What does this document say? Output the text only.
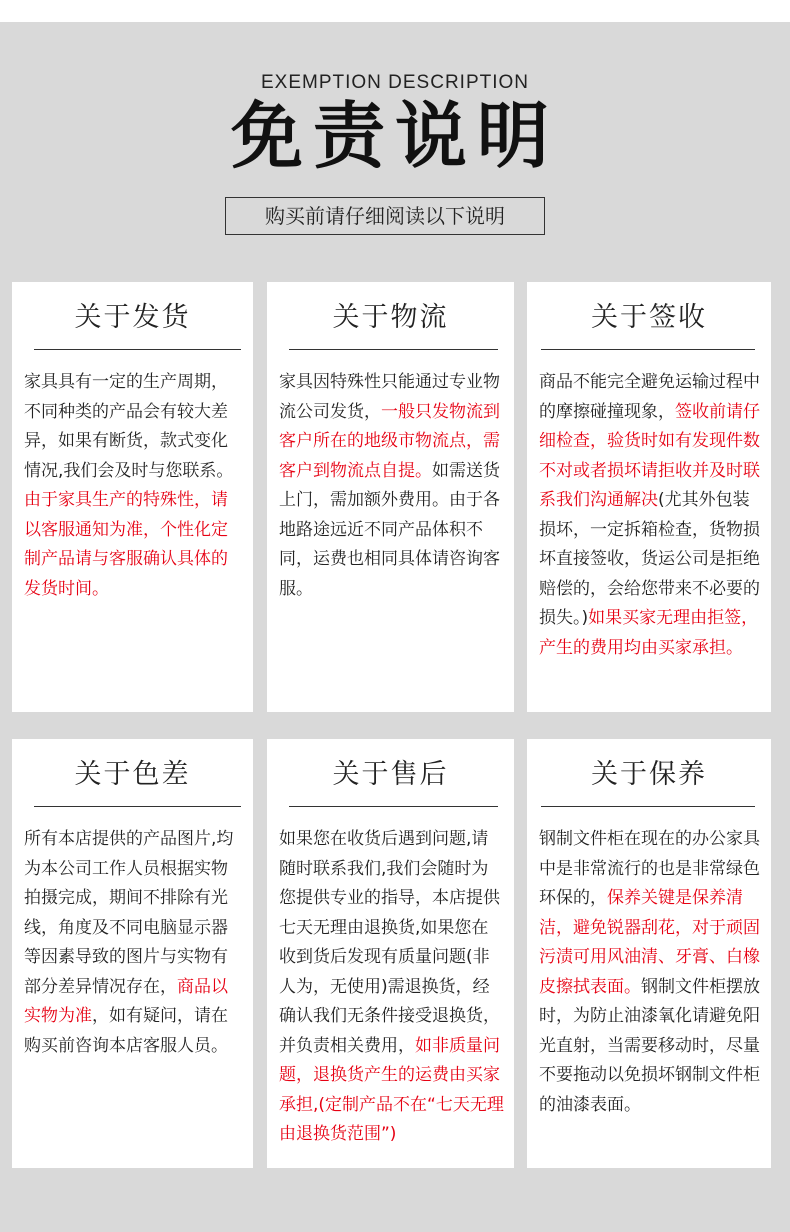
EXEMPTION DESCRIPTION
免责说明
购买前请仔细阅读以下说明
关于发货
家具具有一定的生产周期，不同种类的产品会有较大差异，如果有断货，款式变化情况,我们会及时与您联系。由于家具生产的特殊性，请以客服通知为准，个性化定制产品请与客服确认具体的发货时间。
关于物流
家具因特殊性只能通过专业物流公司发货，一般只发物流到客户所在的地级市物流点，需客户到物流点自提。如需送货上门，需加额外费用。由于各地路途远近不同产品体积不同，运费也相同具体请咨询客服。
关于签收
商品不能完全避免运输过程中的摩擦碰撞现象，签收前请仔细检查，验货时如有发现件数不对或者损坏请拒收并及时联系我们沟通解决(尤其外包装损坏，一定拆箱检查，货物损坏直接签收，货运公司是拒绝赔偿的，会给您带来不必要的损失。)如果买家无理由拒签，产生的费用均由买家承担。
关于色差
所有本店提供的产品图片,均为本公司工作人员根据实物拍摄完成，期间不排除有光线，角度及不同电脑显示器等因素导致的图片与实物有部分差异情况存在，商品以实物为准，如有疑问，请在购买前咨询本店客服人员。
关于售后
如果您在收货后遇到问题,请随时联系我们,我们会随时为您提供专业的指导，本店提供七天无理由退换货,如果您在收到货后发现有质量问题(非人为，无使用)需退换货，经确认我们无条件接受退换货，并负责相关费用，如非质量问题，退换货产生的运费由买家承担,(定制产品不在“七天无理由退换货范围”)
关于保养
钢制文件柜在现在的办公家具中是非常流行的也是非常绿色环保的，保养关键是保养清洁，避免锐器刮花，对于顽固污渍可用风油清、牙膏、白橡皮擦拭表面。钢制文件柜摆放时，为防止油漆氧化请避免阳光直射，当需要移动时，尽量不要拖动以免损坏钢制文件柜的油漆表面。
